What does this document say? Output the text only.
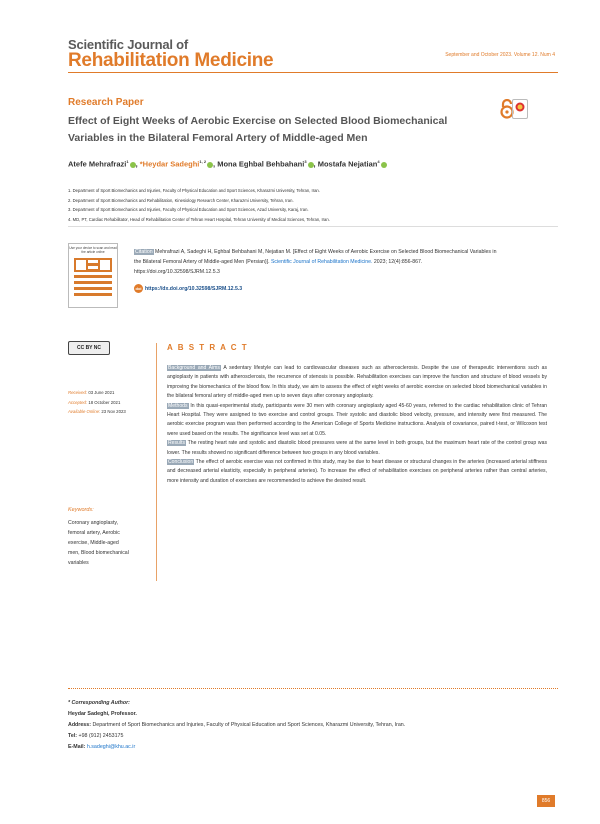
Scientific Journal of
Rehabilitation Medicine	September and October 2023. Volume 12. Num 4
Research Paper
Effect of Eight Weeks of Aerobic Exercise on Selected Blood Biomechanical Variables in the Bilateral Femoral Artery of Middle-aged Men
Atefe Mehrafrazi$^1$ , *Heydar Sadeghi$^{1, 2}$ , Mona Eghbal Behbahani$^3$ , Mostafa Nejatian$^4$
1. Department of Sport Biomechanics and Injuries, Faculty of Physical Education and Sport Sciences, Kharazmi University, Tehran, Iran.
2. Department of Sport Biomechanics and Rehabilitation, Kinesiology Research Center, Kharazmi University, Tehran, Iran.
3. Department of Sport Biomechanics and Injuries, Faculty of Physical Education and Sport Sciences, Azad University, Karaj, Iran.
4. MD, PT, Cardiac Rehabilitator, Head of Rehabilitation Center of Tehran Heart Hospital, Tehran University of Medical Sciences, Tehran, Iran.
Use your device to scan and read the article online	Citation Mehrafrazi A, Sadeghi H, Eghbal Behbahani M, Nejatian M. [Effect of Eight Weeks of Aerobic Exercise on Selected Blood Biomechanical Variables in the Bilateral Femoral Artery of Middle-aged Men (Persian)]. Scientific Journal of Rehabilitation Medicine. 2023; 12(4):856-867. https://doi.org/10.32598/SJRM.12.5.3
doi https://dx.doi.org/10.32598/SJRM.12.5.3
CC BY NC
Received: 03 June 2021
Accepted: 18 October 2021
Available Online: 23 Nov 2023
Keywords:
Coronary angioplasty, femoral artery, Aerobic exercise, Middle-aged men, Blood biomechanical variables
A B S T R A C T

Background and Aims A sedentary lifestyle can lead to cardiovascular diseases such as atherosclerosis. Despite the use of therapeutic interventions such as angioplasty in patients with atherosclerosis, the recurrence of stenosis is possible. Rehabilitation exercises can improve the function and structure of blood vessels by improving the biomechanics of the blood flow. In this study, we aim to assess the effect of eight weeks of aerobic exercise on selected blood biomechanical variables in the bilateral femoral artery of middle-aged men up to seven days after coronary angioplasty.

Methods In this quasi-experimental study, participants were 30 men with coronary angioplasty aged 45-60 years, referred to the cardiac rehabilitation clinic of Tehran Heart Hospital. They were assigned to two exercise and control groups. Their systolic and diastolic blood velocity, pressure, and intensity were first measured. The aerobic exercise program was then performed according to the American College of Sports Medicine instructions. Analysis of covariance, paired t-test, or Wilcoxon test were used based on the results. The significance level was set at 0.05.

Results The resting heart rate and systolic and diastolic blood pressures were at the same level in both groups, but the maximum heart rate of the control group was lower. The results showed no significant difference between two groups in any blood variables.

Conclusion The effect of aerobic exercise was not confirmed in this study, may be due to heart disease or structural changes in the arteries (increased arterial stiffness and decreased arterial elasticity, especially in peripheral arteries). To increase the effect of rehabilitation exercises on peripheral arteries rather than central arteries, more intensity and duration of exercises are recommended to achieve the desired result.

* Corresponding Author:
Heydar Sadeghi, Professor.
Address: Department of Sport Biomechanics and Injuries, Faculty of Physical Education and Sport Sciences, Kharazmi University, Tehran, Iran.
Tel: +98 (912) 2453175
E-Mail: h.sadeghi@khu.ac.ir
856
